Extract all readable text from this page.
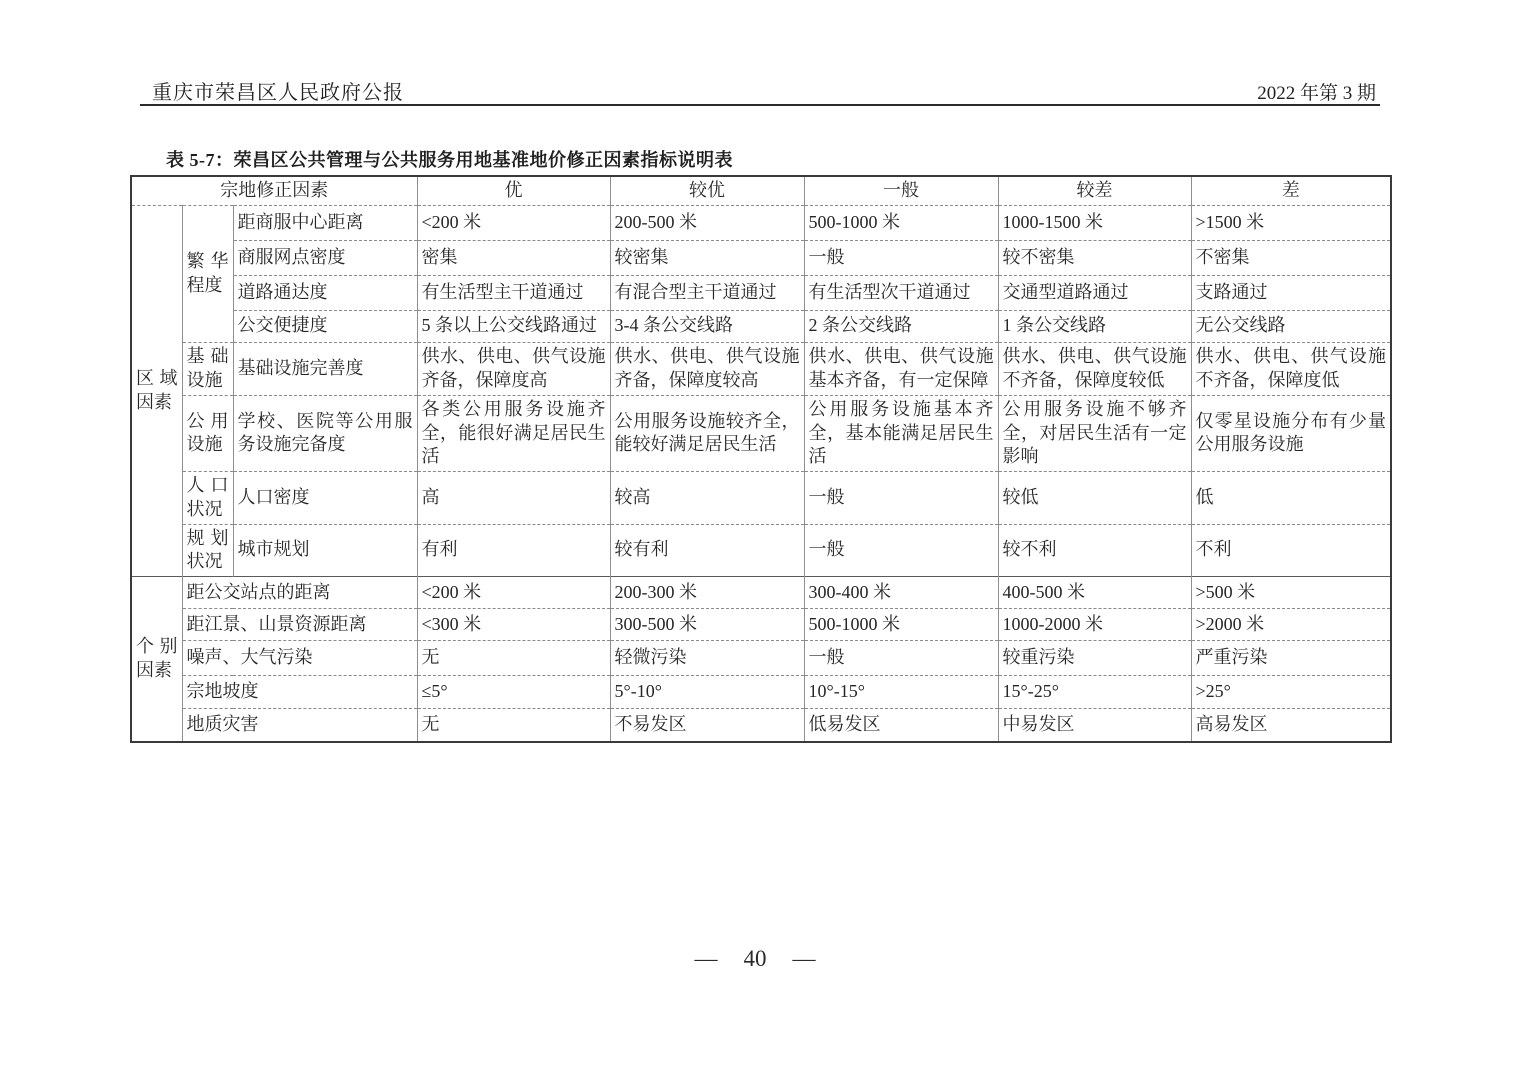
重庆市荣昌区人民政府公报	2022 年第 3 期
表 5-7：荣昌区公共管理与公共服务用地基准地价修正因素指标说明表
宗地修正因素			优	较优	一般	较差	差
区域因素	繁华程度	距商服中心距离	<200 米	200-500 米	500-1000 米	1000-1500 米	>1500 米
		商服网点密度	密集	较密集	一般	较不密集	不密集
		道路通达度	有生活型主干道通过	有混合型主干道通过	有生活型次干道通过	交通型道路通过	支路通过
		公交便捷度	5 条以上公交线路通过	3-4 条公交线路	2 条公交线路	1 条公交线路	无公交线路
	基础设施	基础设施完善度	供水、供电、供气设施齐备，保障度高	供水、供电、供气设施齐备，保障度较高	供水、供电、供气设施基本齐备，有一定保障	供水、供电、供气设施不齐备，保障度较低	供水、供电、供气设施不齐备，保障度低
	公用设施	学校、医院等公用服务设施完备度	各类公用服务设施齐全，能很好满足居民生活	公用服务设施较齐全，能较好满足居民生活	公用服务设施基本齐全，基本能满足居民生活	公用服务设施不够齐全，对居民生活有一定影响	仅零星设施分布有少量公用服务设施
	人口状况	人口密度	高	较高	一般	较低	低
	规划状况	城市规划	有利	较有利	一般	较不利	不利
个别因素	距公交站点的距离		<200 米	200-300 米	300-400 米	400-500 米	>500 米
	距江景、山景资源距离		<300 米	300-500 米	500-1000 米	1000-2000 米	>2000 米
	噪声、大气污染		无	轻微污染	一般	较重污染	严重污染
	宗地坡度		≤5°	5°-10°	10°-15°	15°-25°	>25°
	地质灾害		无	不易发区	低易发区	中易发区	高易发区
— 40 —
